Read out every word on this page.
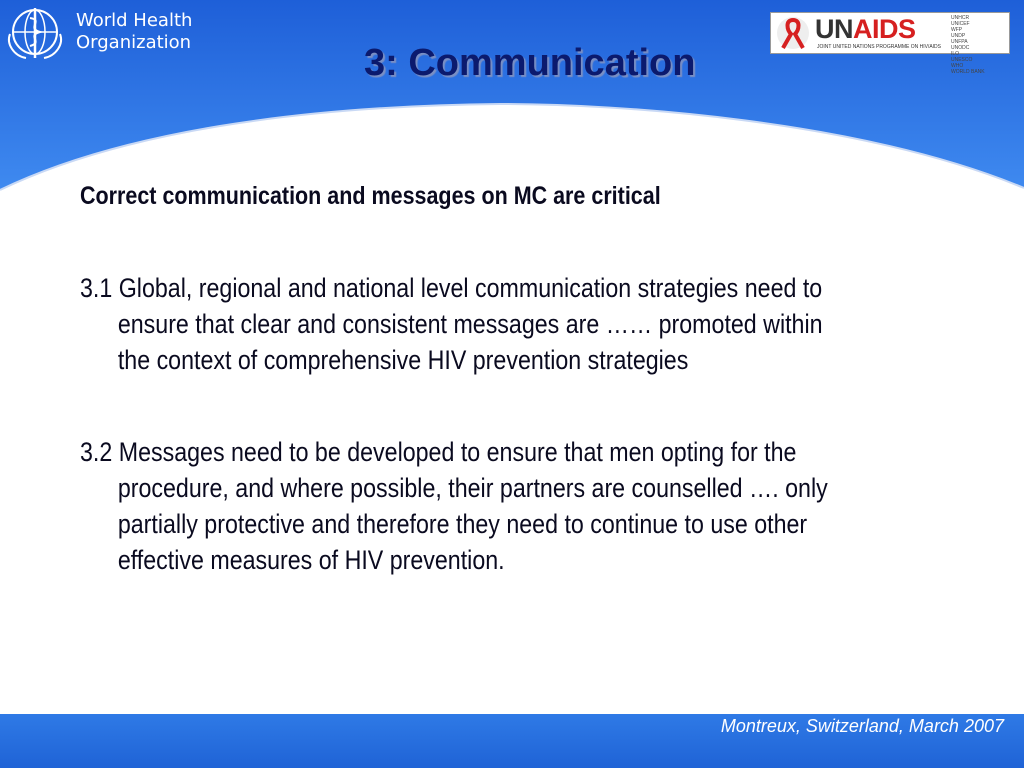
World Health
Organization	UNAIDS
JOINT UNITED NATIONS PROGRAMME ON HIV/AIDS
UNHCR
UNICEF
WFP
UNDP
UNFPA

UNODC
ILO
UNESCO
WHO
WORLD BANK
3: Communication
Correct communication and messages on MC are critical
3.1 Global, regional and national level communication strategies need to
ensure that clear and consistent messages are …… promoted within
the context of comprehensive HIV prevention strategies
3.2 Messages need to be developed to ensure that men opting for the
procedure, and where possible, their partners are counselled …. only
partially protective and therefore they need to continue to use other
effective measures of HIV prevention.
Montreux, Switzerland, March 2007
